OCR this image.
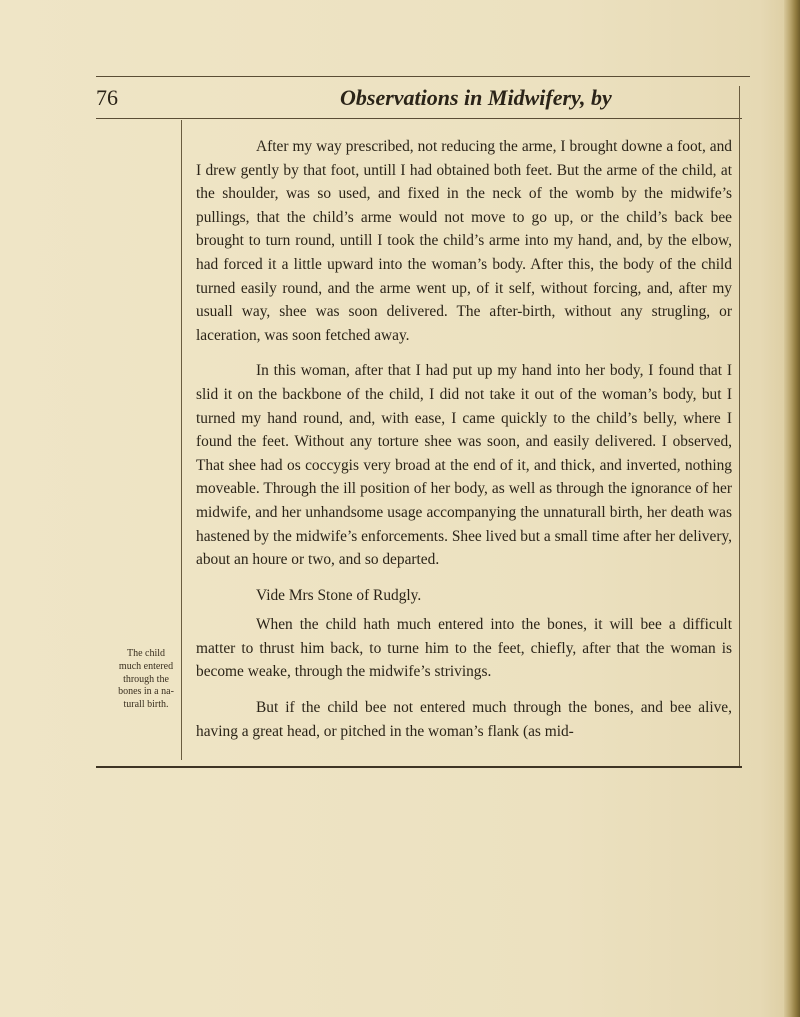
76	Observations in Midwifery, by

After my way prescribed, not reducing the arme, I brought downe a foot, and I drew gently by that foot, untill I had obtained both feet. But the arme of the child, at the shoulder, was so used, and fixed in the neck of the womb by the midwife’s pullings, that the child’s arme would not move to go up, or the child’s back bee brought to turn round, untill I took the child’s arme into my hand, and, by the elbow, had forced it a little upward into the woman’s body. After this, the body of the child turned easily round, and the arme went up, of it self, without forcing, and, after my usuall way, shee was soon delivered. The after-birth, without any strugling, or laceration, was soon fetched away.

In this woman, after that I had put up my hand into her body, I found that I slid it on the backbone of the child, I did not take it out of the woman’s body, but I turned my hand round, and, with ease, I came quickly to the child’s belly, where I found the feet. Without any torture shee was soon, and easily delivered. I observed, That shee had os coccygis very broad at the end of it, and thick, and inverted, nothing moveable. Through the ill position of her body, as well as through the ignorance of her midwife, and her unhandsome usage accompanying the unnaturall birth, her death was hastened by the midwife’s enforcements. Shee lived but a small time after her delivery, about an houre or two, and so departed.

Vide Mrs Stone of Rudgly.

When the child hath much entered into the bones, it will bee a difficult matter to thrust him back, to turne him to the feet, chiefly, after that the woman is become weake, through the midwife’s strivings.

But if the child bee not entered much through the bones, and bee alive, having a great head, or pitched in the woman’s flank (as mid-

The child much entered through the bones in a na-turall birth.
